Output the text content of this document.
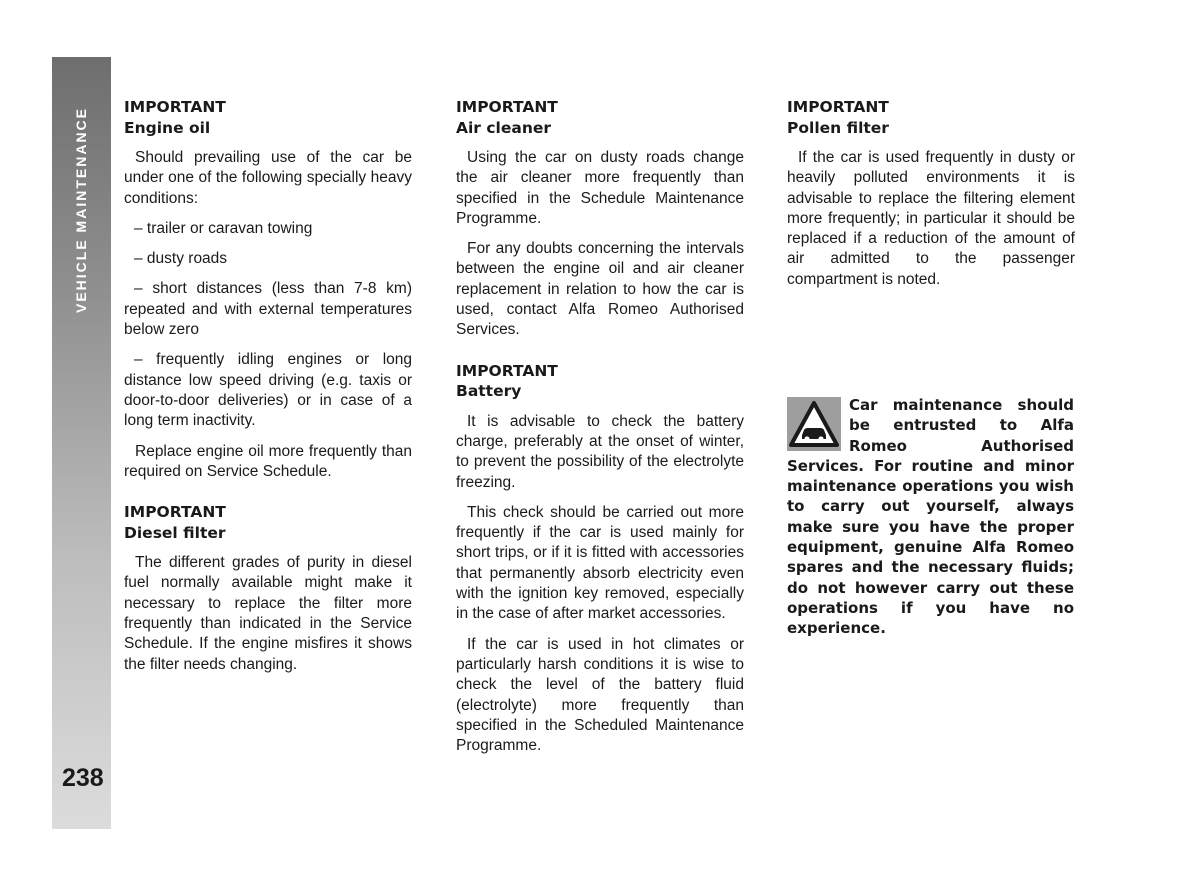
VEHICLE MAINTENANCE
238
IMPORTANT
Engine oil

Should prevailing use of the car be under one of the following specially heavy conditions:

– trailer or caravan towing

– dusty roads

– short distances (less than 7-8 km) repeated and with external temperatures below zero

– frequently idling engines or long distance low speed driving (e.g. taxis or door-to-door deliveries) or in case of a long term inactivity.

Replace engine oil more frequently than required on Service Schedule.

IMPORTANT
Diesel filter

The different grades of purity in diesel fuel normally available might make it necessary to replace the filter more frequently than indicated in the Service Schedule. If the engine misfires it shows the filter needs changing.

IMPORTANT
Air cleaner

Using the car on dusty roads change the air cleaner more frequently than specified in the Schedule Maintenance Programme.

For any doubts concerning the intervals between the engine oil and air cleaner replacement in relation to how the car is used, contact Alfa Romeo Authorised Services.

IMPORTANT
Battery

It is advisable to check the battery charge, preferably at the onset of winter, to prevent the possibility of the electrolyte freezing.

This check should be carried out more frequently if the car is used mainly for short trips, or if it is fitted with accessories that permanently absorb electricity even with the ignition key removed, especially in the case of after market accessories.

If the car is used in hot climates or particularly harsh conditions it is wise to check the level of the battery fluid (electrolyte) more frequently than specified in the Scheduled Maintenance Programme.

IMPORTANT
Pollen filter

If the car is used frequently in dusty or heavily polluted environments it is advisable to replace the filtering element more frequently; in particular it should be replaced if a reduction of the amount of air admitted to the passenger compartment is noted.

Car maintenance should be entrusted to Alfa Romeo Authorised Services. For routine and minor maintenance operations you wish to carry out yourself, always make sure you have the proper equipment, genuine Alfa Romeo spares and the necessary fluids; do not however carry out these operations if you have no experience.
